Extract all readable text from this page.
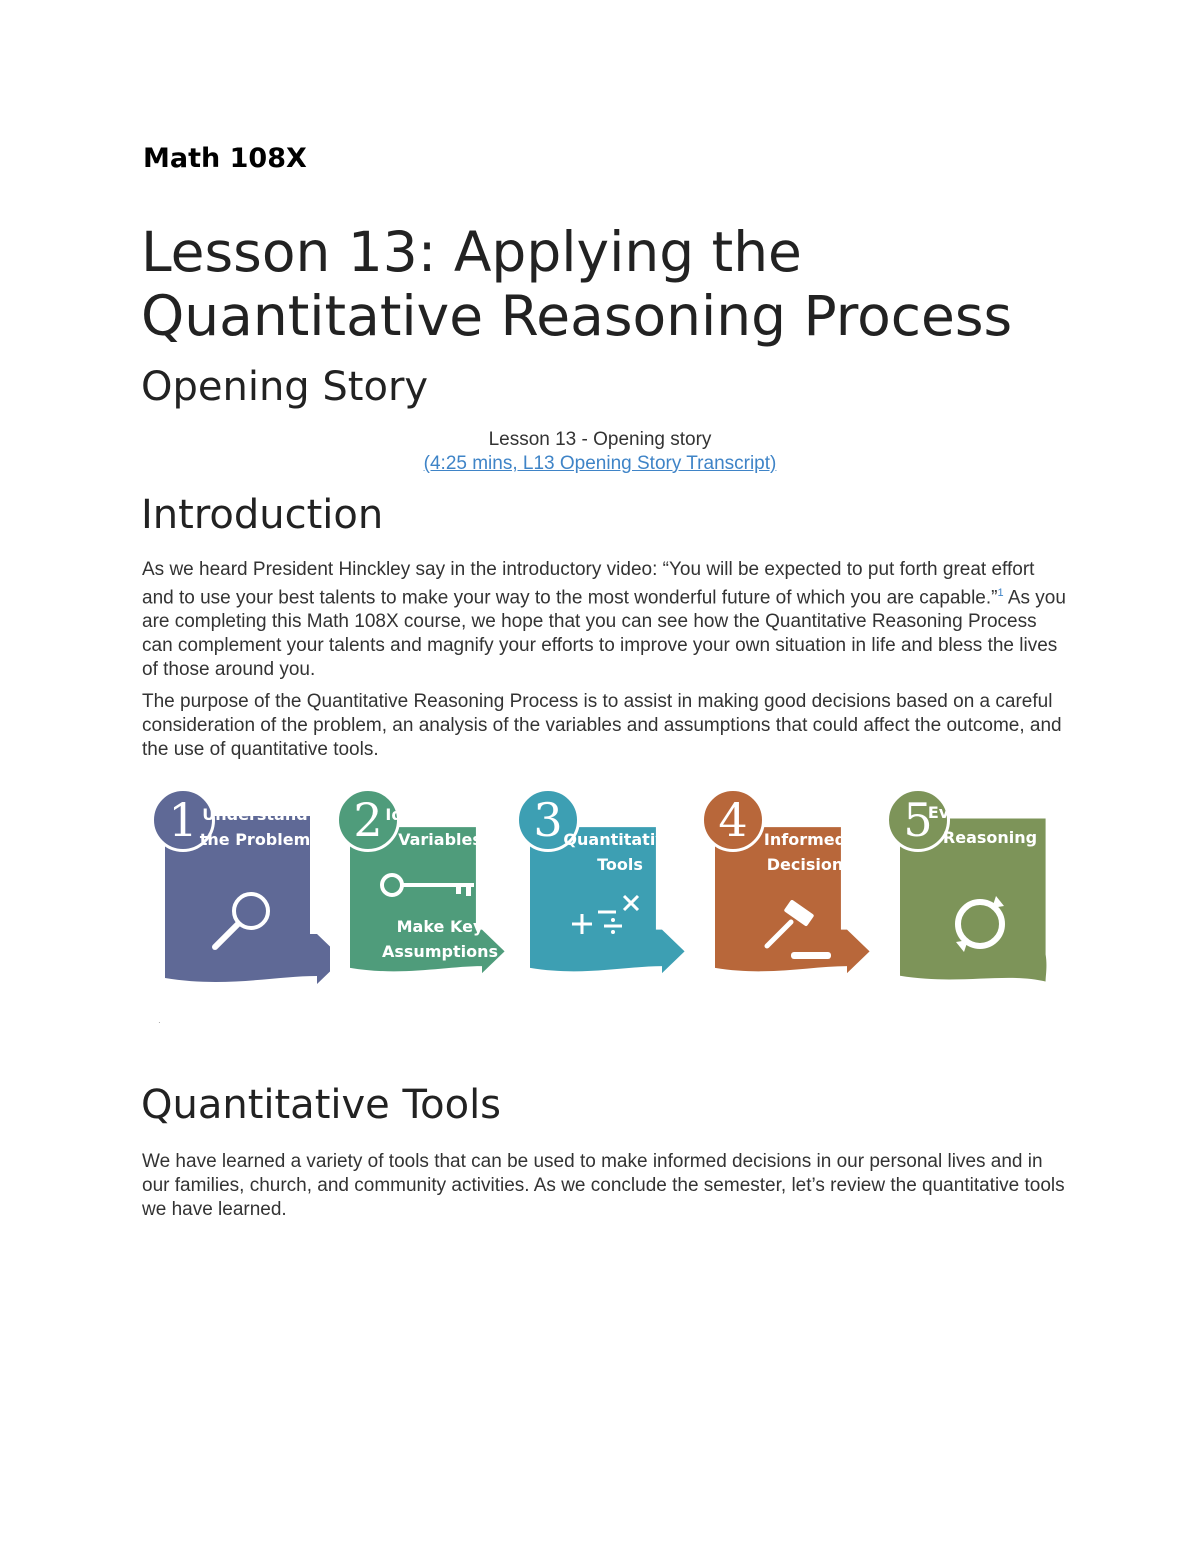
Math 108X
Lesson 13: Applying the Quantitative Reasoning Process
Opening Story
Lesson 13 - Opening story
(4:25 mins, L13 Opening Story Transcript)
Introduction

As we heard President Hinckley say in the introductory video: “You will be expected to put forth great effort and to use your best talents to make your way to the most wonderful future of which you are capable.”$^1$ As you are completing this Math 108X course, we hope that you can see how the Quantitative Reasoning Process can complement your talents and magnify your efforts to improve your own situation in life and bless the lives of those around you.

The purpose of the Quantitative Reasoning Process is to assist in making good decisions based on a careful consideration of the problem, an analysis of the variables and assumptions that could affect the outcome, and the use of quantitative tools.

1 Understand the Problem 2 Identify Key Variables
Make Key Assumptions
3	Apply Quantitative Tools
4	Make an Informed Decision
5
Evaluate Your Reasoning
·
Quantitative Tools

We have learned a variety of tools that can be used to make informed decisions in our personal lives and in our families, church, and community activities. As we conclude the semester, let’s review the quantitative tools we have learned.
